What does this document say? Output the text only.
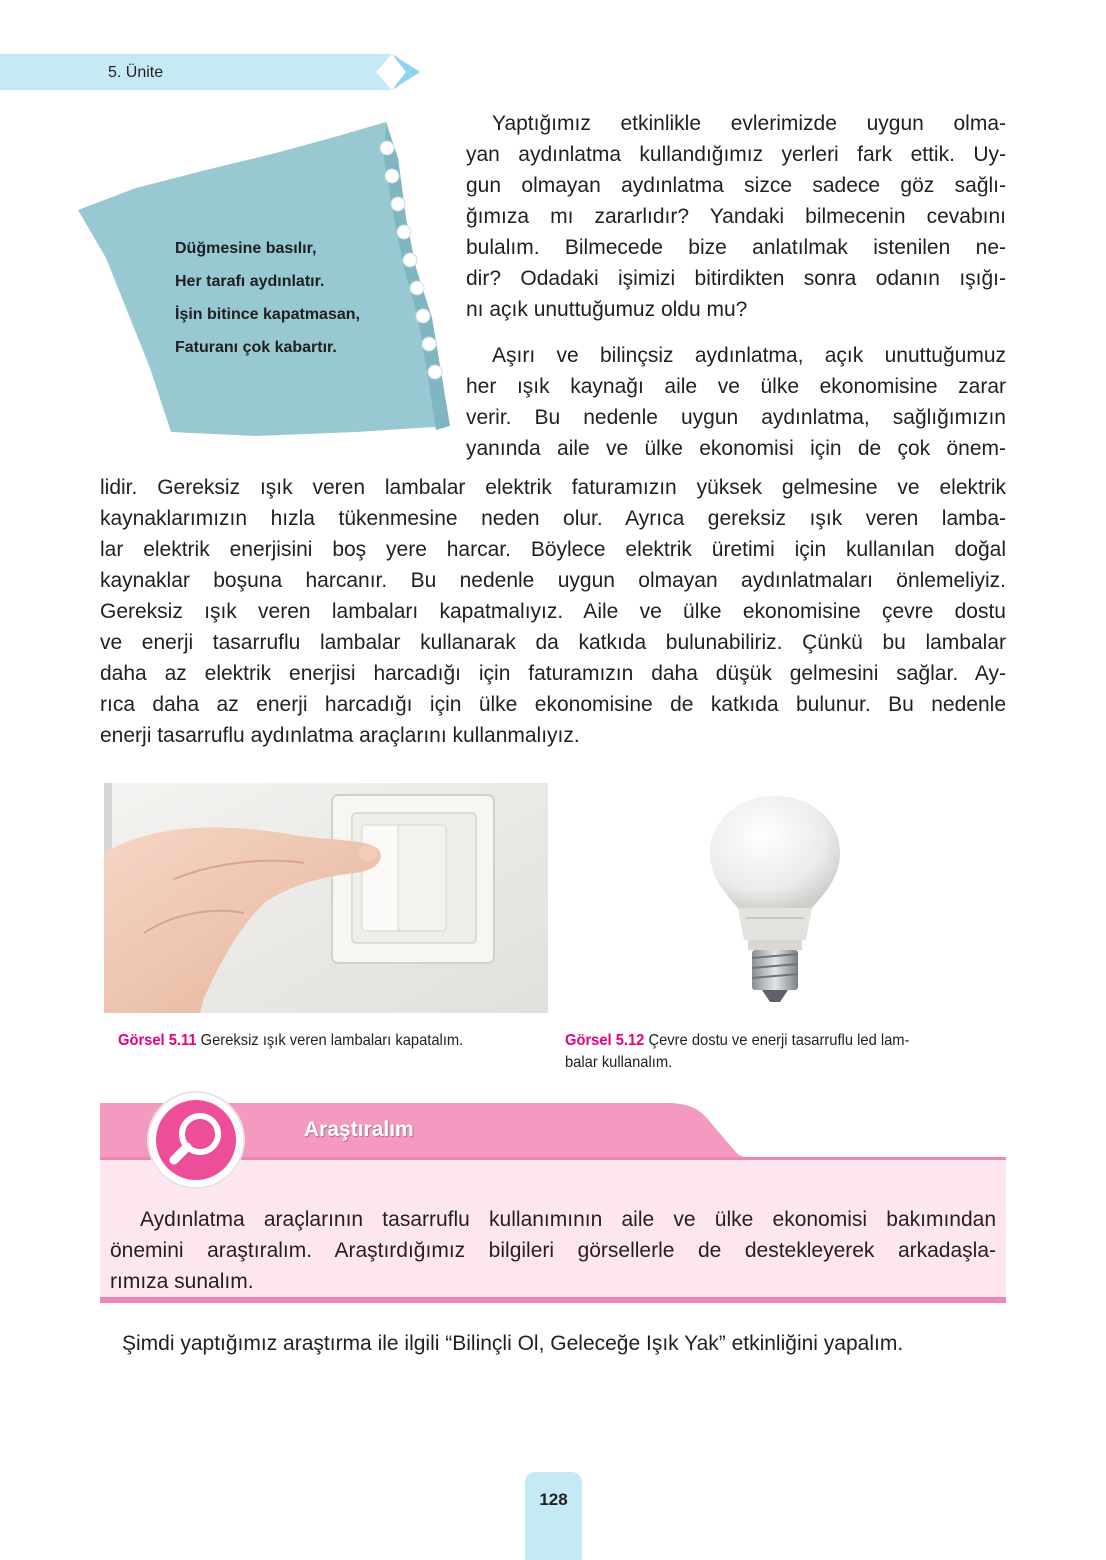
5. Ünite
Düğmesine basılır,
Her tarafı aydınlatır.
İşin bitince kapatmasan,
Faturanı çok kabartır.
Yaptığımız etkinlikle evlerimizde uygun olma-
yan aydınlatma kullandığımız yerleri fark ettik. Uy-
gun olmayan aydınlatma sizce sadece göz sağlı-
ğımıza mı zararlıdır? Yandaki bilmecenin cevabını
bulalım. Bilmecede bize anlatılmak istenilen ne-
dir? Odadaki işimizi bitirdikten sonra odanın ışığı-
nı açık unuttuğumuz oldu mu?
Aşırı ve bilinçsiz aydınlatma, açık unuttuğumuz
her ışık kaynağı aile ve ülke ekonomisine zarar
verir. Bu nedenle uygun aydınlatma, sağlığımızın
yanında aile ve ülke ekonomisi için de çok önem-
lidir. Gereksiz ışık veren lambalar elektrik faturamızın yüksek gelmesine ve elektrik
kaynaklarımızın hızla tükenmesine neden olur. Ayrıca gereksiz ışık veren lamba-
lar elektrik enerjisini boş yere harcar. Böylece elektrik üretimi için kullanılan doğal
kaynaklar boşuna harcanır. Bu nedenle uygun olmayan aydınlatmaları önlemeliyiz.
Gereksiz ışık veren lambaları kapatmalıyız. Aile ve ülke ekonomisine çevre dostu
ve enerji tasarruflu lambalar kullanarak da katkıda bulunabiliriz. Çünkü bu lambalar
daha az elektrik enerjisi harcadığı için faturamızın daha düşük gelmesini sağlar. Ay-
rıca daha az enerji harcadığı için ülke ekonomisine de katkıda bulunur. Bu nedenle
enerji tasarruflu aydınlatma araçlarını kullanmalıyız.
Görsel 5.11 Gereksiz ışık veren lambaları kapatalım.	Görsel 5.12 Çevre dostu ve enerji tasarruflu led lam-
balar kullanalım.
Araştıralım
Aydınlatma araçlarının tasarruflu kullanımının aile ve ülke ekonomisi bakımından
önemini araştıralım. Araştırdığımız bilgileri görsellerle de destekleyerek arkadaşla-
rımıza sunalım.
Şimdi yaptığımız araştırma ile ilgili “Bilinçli Ol, Geleceğe Işık Yak” etkinliğini yapalım.
128
